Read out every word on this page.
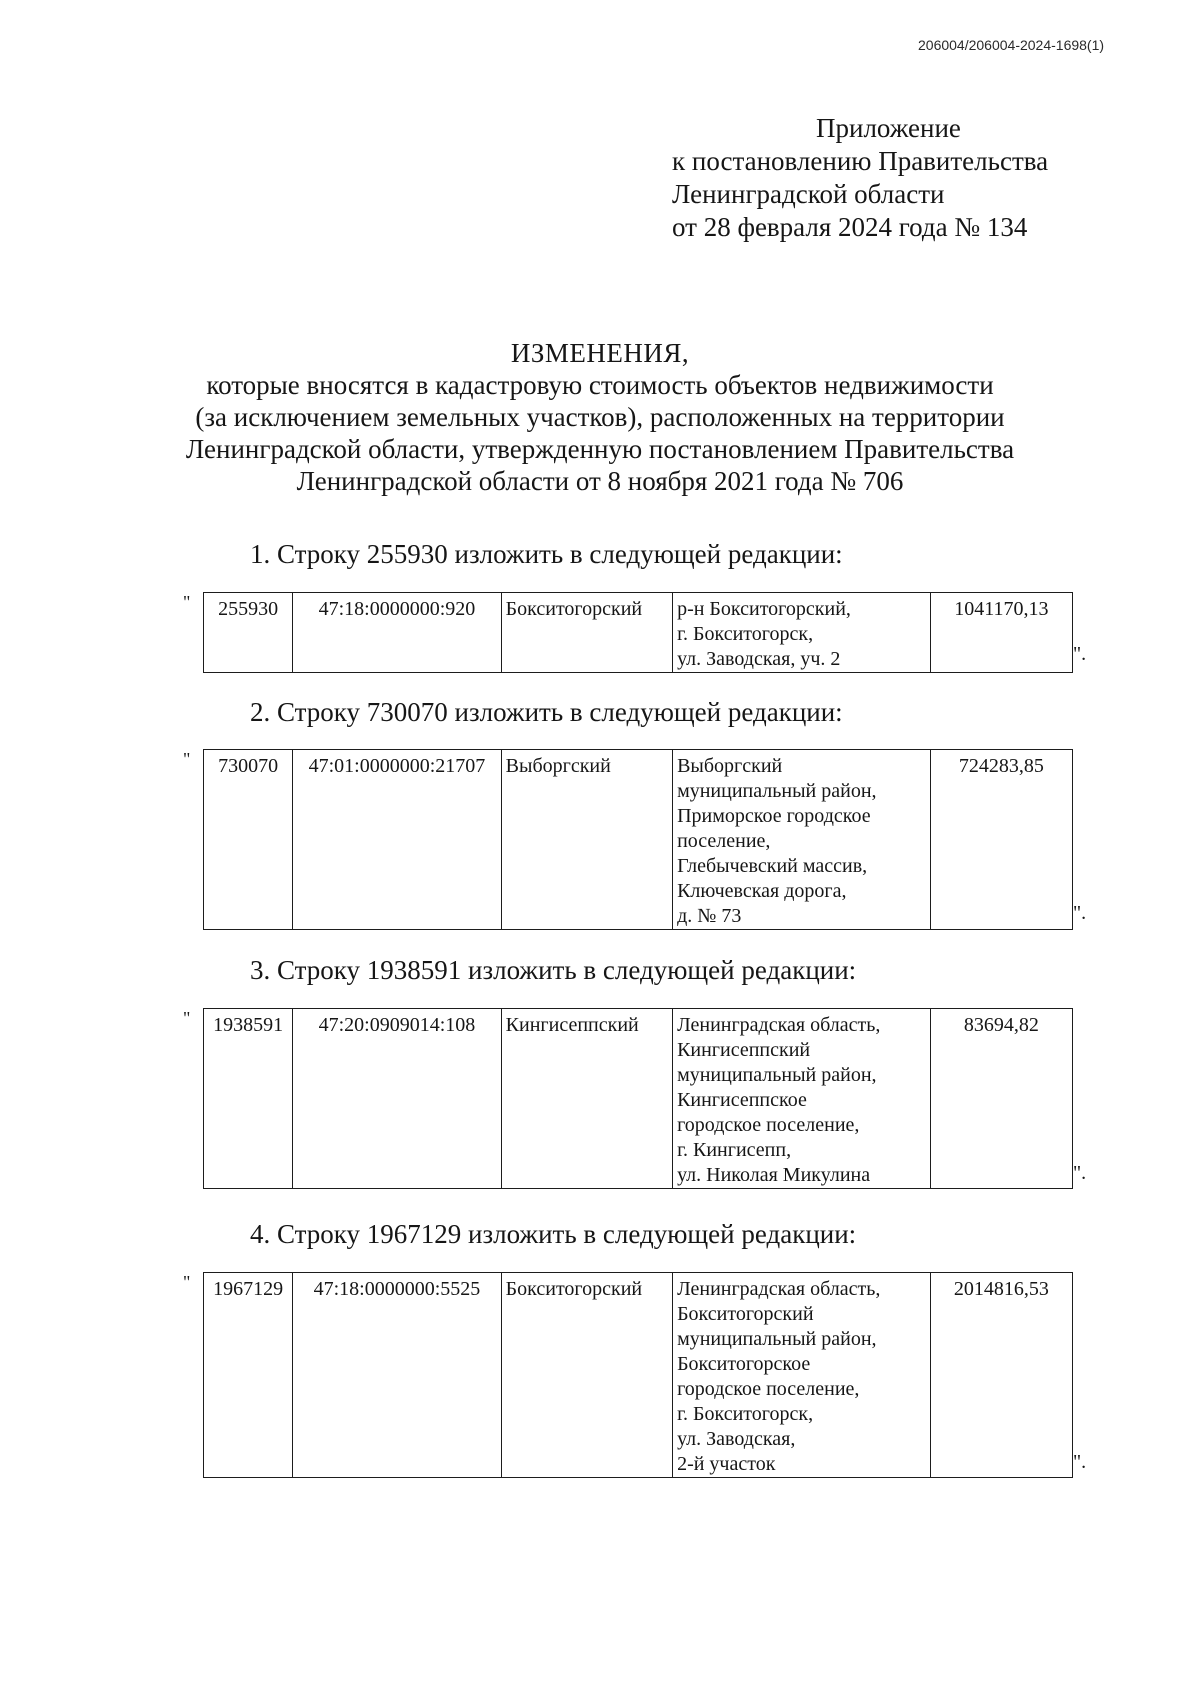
206004/206004-2024-1698(1)
Приложение
к постановлению Правительства
Ленинградской области
от 28 февраля 2024 года № 134
ИЗМЕНЕНИЯ,
которые вносятся в кадастровую стоимость объектов недвижимости
(за исключением земельных участков), расположенных на территории
Ленинградской области, утвержденную постановлением Правительства
Ленинградской области от 8 ноября 2021 года № 706
1. Строку 255930 изложить в следующей редакции:
" 255930	47:18:0000000:920	Бокситогорский	р-н Бокситогорский,
г. Бокситогорск,
ул. Заводская, уч. 2
	1041170,13
".
2. Строку 730070 изложить в следующей редакции:
730070	47:01:0000000:21707	Выборгский	Выборгский
муниципальный район,
Приморское городское
поселение,
Глебычевский массив,
Ключевская дорога,
д. № 73
	724283,85
"
".
3. Строку 1938591 изложить в следующей редакции:
1938591	47:20:0909014:108	Кингисеппский	Ленинградская область,
Кингисеппский
муниципальный район,
Кингисеппское
городское поселение,
г. Кингисепп,
ул. Николая Микулина
	83694,82
"
".
4. Строку 1967129 изложить в следующей редакции:
1967129	47:18:0000000:5525	Бокситогорский	Ленинградская область,
Бокситогорский
муниципальный район,
Бокситогорское
городское поселение,
г. Бокситогорск,
ул. Заводская,
2-й участок
	2014816,53
"
".
